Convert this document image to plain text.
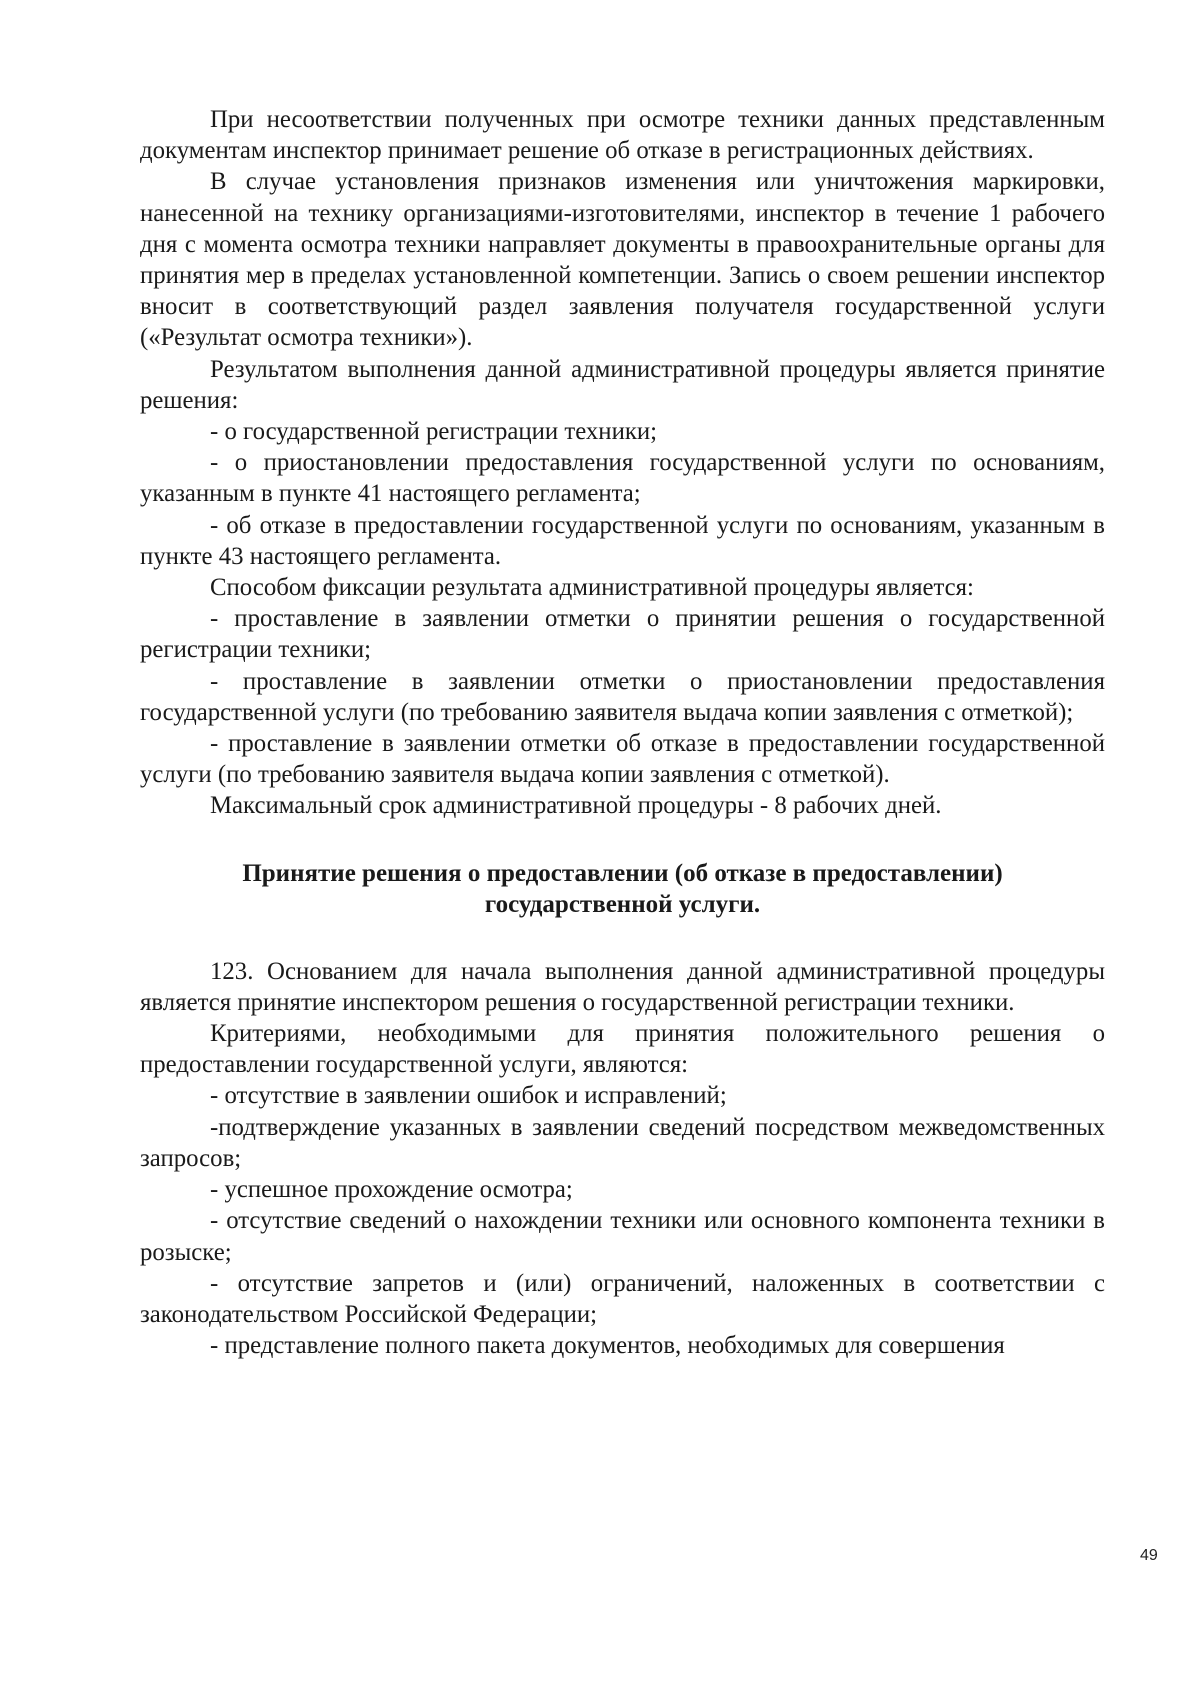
При несоответствии полученных при осмотре техники данных представленным документам инспектор принимает решение об отказе в регистрационных действиях.

В случае установления признаков изменения или уничтожения маркировки, нанесенной на технику организациями-изготовителями, инспектор в течение 1 рабочего дня с момента осмотра техники направляет документы в правоохранительные органы для принятия мер в пределах установленной компетенции. Запись о своем решении инспектор вносит в соответствующий раздел заявления получателя государственной услуги («Результат осмотра техники»).

Результатом выполнения данной административной процедуры является принятие решения:

- о государственной регистрации техники;

- о приостановлении предоставления государственной услуги по основаниям, указанным в пункте 41 настоящего регламента;

- об отказе в предоставлении государственной услуги по основаниям, указанным в пункте 43 настоящего регламента.

Способом фиксации результата административной процедуры является:

- проставление в заявлении отметки о принятии решения о государственной регистрации техники;

- проставление в заявлении отметки о приостановлении предоставления государственной услуги (по требованию заявителя выдача копии заявления с отметкой);

- проставление в заявлении отметки об отказе в предоставлении государственной услуги (по требованию заявителя выдача копии заявления с отметкой).

Максимальный срок административной процедуры - 8 рабочих дней.

Принятие решения о предоставлении (об отказе в предоставлении)
государственной услуги.

123. Основанием для начала выполнения данной административной процедуры является принятие инспектором решения о государственной регистрации техники.

Критериями, необходимыми для принятия положительного решения о предоставлении государственной услуги, являются:

- отсутствие в заявлении ошибок и исправлений;

-подтверждение указанных в заявлении сведений посредством межведомственных запросов;

- успешное прохождение осмотра;

- отсутствие сведений о нахождении техники или основного компонента техники в розыске;

- отсутствие запретов и (или) ограничений, наложенных в соответствии с законодательством Российской Федерации;

- представление полного пакета документов, необходимых для совершения

49
